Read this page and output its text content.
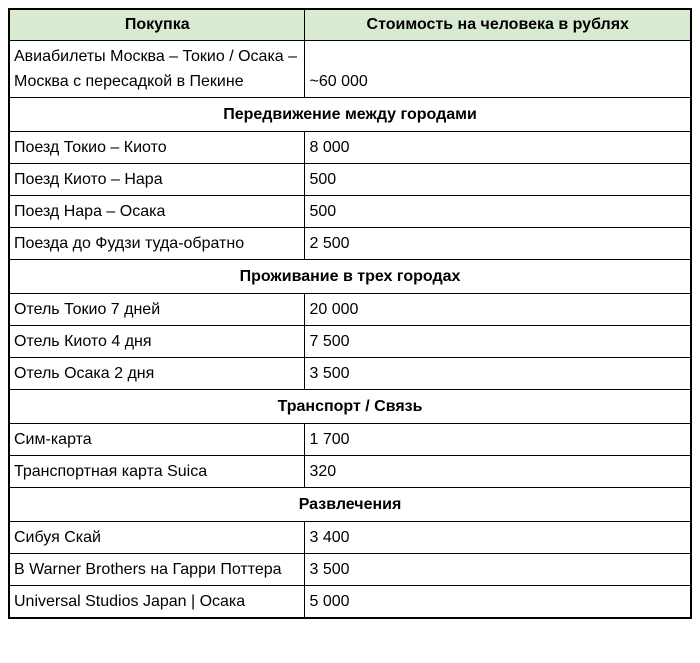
Покупка	Стоимость на человека в рублях
Авиабилеты Москва – Токио / Осака – Москва с пересадкой в Пекине	~60 000
Передвижение между городами	
Поезд Токио – Киото	8 000
Поезд Киото – Нара	500
Поезд Нара – Осака	500
Поезда до Фудзи туда-обратно	2 500
Проживание в трех городах	
Отель Токио 7 дней	20 000
Отель Киото 4 дня	7 500
Отель Осака 2 дня	3 500
Транспорт / Связь	
Сим-карта	1 700
Транспортная карта Suica	320
Развлечения	
Сибуя Скай	3 400
В Warner Brothers на Гарри Поттера	3 500
Universal Studios Japan | Осака	5 000
